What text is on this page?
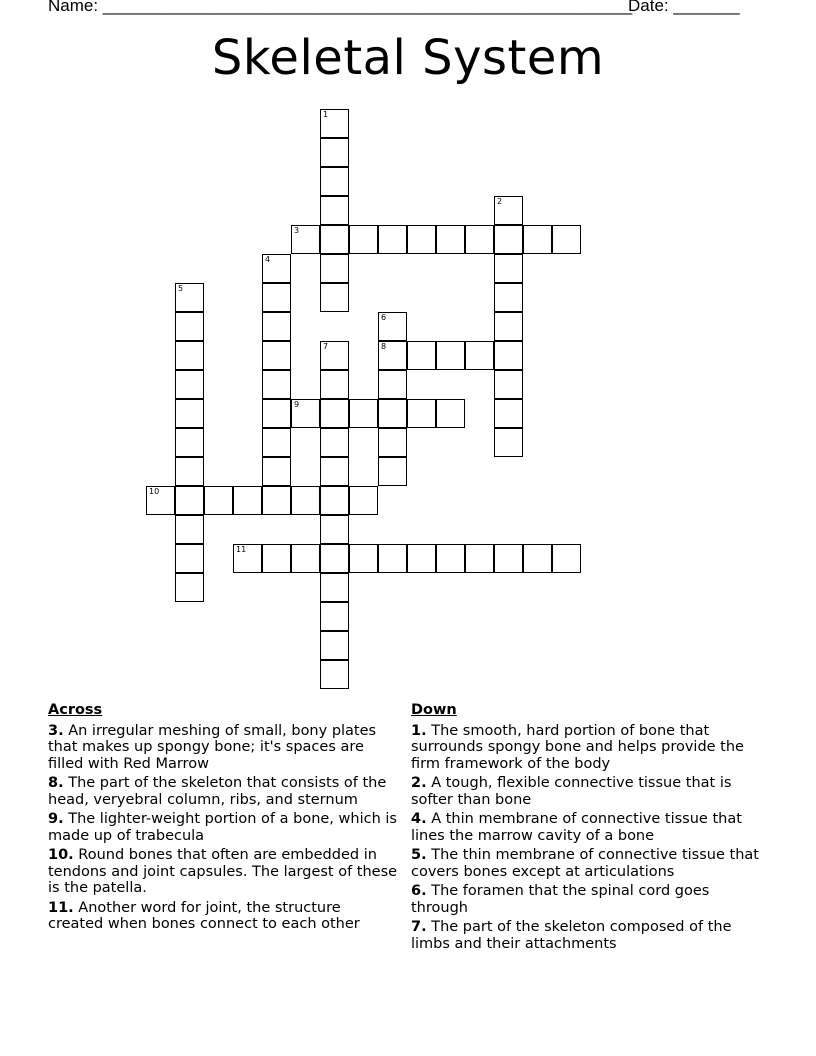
Name: ________________________________________________________
Date: _______
Skeletal System
1
2
3
4
5
6
8
7
9
10
11
Across
3. An irregular meshing of small, bony plates that makes up spongy bone; it's spaces are filled with Red Marrow
8. The part of the skeleton that consists of the head, veryebral column, ribs, and sternum
9. The lighter-weight portion of a bone, which is made up of trabecula
10. Round bones that often are embedded in tendons and joint capsules. The largest of these is the patella.
11. Another word for joint, the structure created when bones connect to each other
Down
1. The smooth, hard portion of bone that surrounds spongy bone and helps provide the firm framework of the body
2. A tough, flexible connective tissue that is softer than bone
4. A thin membrane of connective tissue that lines the marrow cavity of a bone
5. The thin membrane of connective tissue that covers bones except at articulations
6. The foramen that the spinal cord goes through
7. The part of the skeleton composed of the limbs and their attachments
